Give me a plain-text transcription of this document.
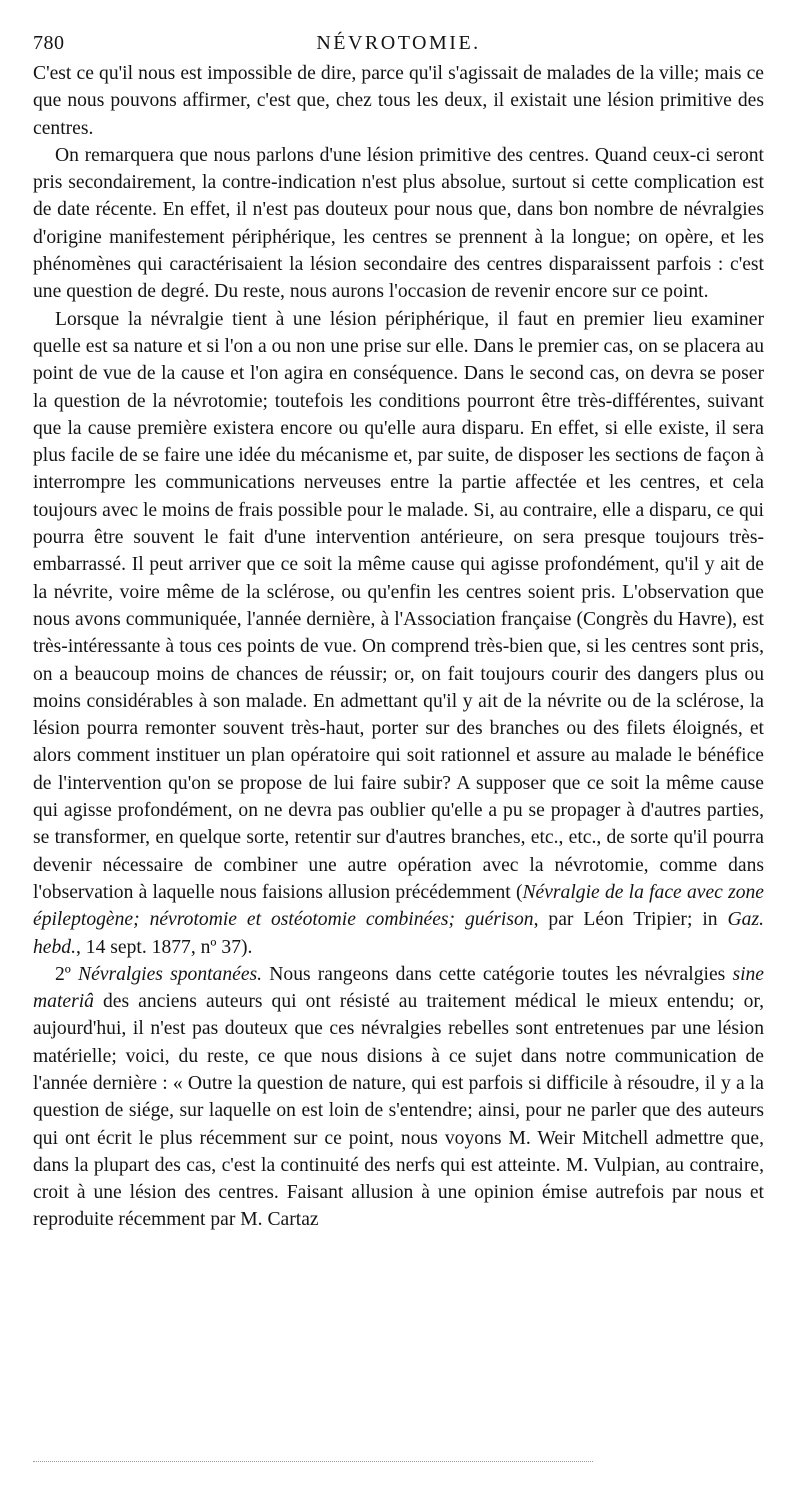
780	NÉVROTOMIE.

C'est ce qu'il nous est impossible de dire, parce qu'il s'agissait de malades de la ville; mais ce que nous pouvons affirmer, c'est que, chez tous les deux, il existait une lésion primitive des centres.

On remarquera que nous parlons d'une lésion primitive des centres. Quand ceux-ci seront pris secondairement, la contre-indication n'est plus absolue, surtout si cette complication est de date récente. En effet, il n'est pas douteux pour nous que, dans bon nombre de névralgies d'origine manifestement périphérique, les centres se prennent à la longue; on opère, et les phénomènes qui caractérisaient la lésion secondaire des centres disparaissent parfois : c'est une question de degré. Du reste, nous aurons l'occasion de revenir encore sur ce point.

Lorsque la névralgie tient à une lésion périphérique, il faut en premier lieu examiner quelle est sa nature et si l'on a ou non une prise sur elle. Dans le premier cas, on se placera au point de vue de la cause et l'on agira en conséquence. Dans le second cas, on devra se poser la question de la névrotomie; toutefois les conditions pourront être très-différentes, suivant que la cause première existera encore ou qu'elle aura disparu. En effet, si elle existe, il sera plus facile de se faire une idée du mécanisme et, par suite, de disposer les sections de façon à interrompre les communications nerveuses entre la partie affectée et les centres, et cela toujours avec le moins de frais possible pour le malade. Si, au contraire, elle a disparu, ce qui pourra être souvent le fait d'une intervention antérieure, on sera presque toujours très-embarrassé. Il peut arriver que ce soit la même cause qui agisse profondément, qu'il y ait de la névrite, voire même de la sclérose, ou qu'enfin les centres soient pris. L'observation que nous avons communiquée, l'année dernière, à l'Association française (Congrès du Havre), est très-intéressante à tous ces points de vue. On comprend très-bien que, si les centres sont pris, on a beaucoup moins de chances de réussir; or, on fait toujours courir des dangers plus ou moins considérables à son malade. En admettant qu'il y ait de la névrite ou de la sclérose, la lésion pourra remonter souvent très-haut, porter sur des branches ou des filets éloignés, et alors comment instituer un plan opératoire qui soit rationnel et assure au malade le bénéfice de l'intervention qu'on se propose de lui faire subir? A supposer que ce soit la même cause qui agisse profondément, on ne devra pas oublier qu'elle a pu se propager à d'autres parties, se transformer, en quelque sorte, retentir sur d'autres branches, etc., etc., de sorte qu'il pourra devenir nécessaire de combiner une autre opération avec la névrotomie, comme dans l'observation à laquelle nous faisions allusion précédemment (Névralgie de la face avec zone épileptogène; névrotomie et ostéotomie combinées; guérison, par Léon Tripier; in Gaz. hebd., 14 sept. 1877, nº 37).

2º Névralgies spontanées. Nous rangeons dans cette catégorie toutes les névralgies sine materiâ des anciens auteurs qui ont résisté au traitement médical le mieux entendu; or, aujourd'hui, il n'est pas douteux que ces névralgies rebelles sont entretenues par une lésion matérielle; voici, du reste, ce que nous disions à ce sujet dans notre communication de l'année dernière : « Outre la question de nature, qui est parfois si difficile à résoudre, il y a la question de siége, sur laquelle on est loin de s'entendre; ainsi, pour ne parler que des auteurs qui ont écrit le plus récemment sur ce point, nous voyons M. Weir Mitchell admettre que, dans la plupart des cas, c'est la continuité des nerfs qui est atteinte. M. Vulpian, au contraire, croit à une lésion des centres. Faisant allusion à une opinion émise autrefois par nous et reproduite récemment par M. Cartaz
